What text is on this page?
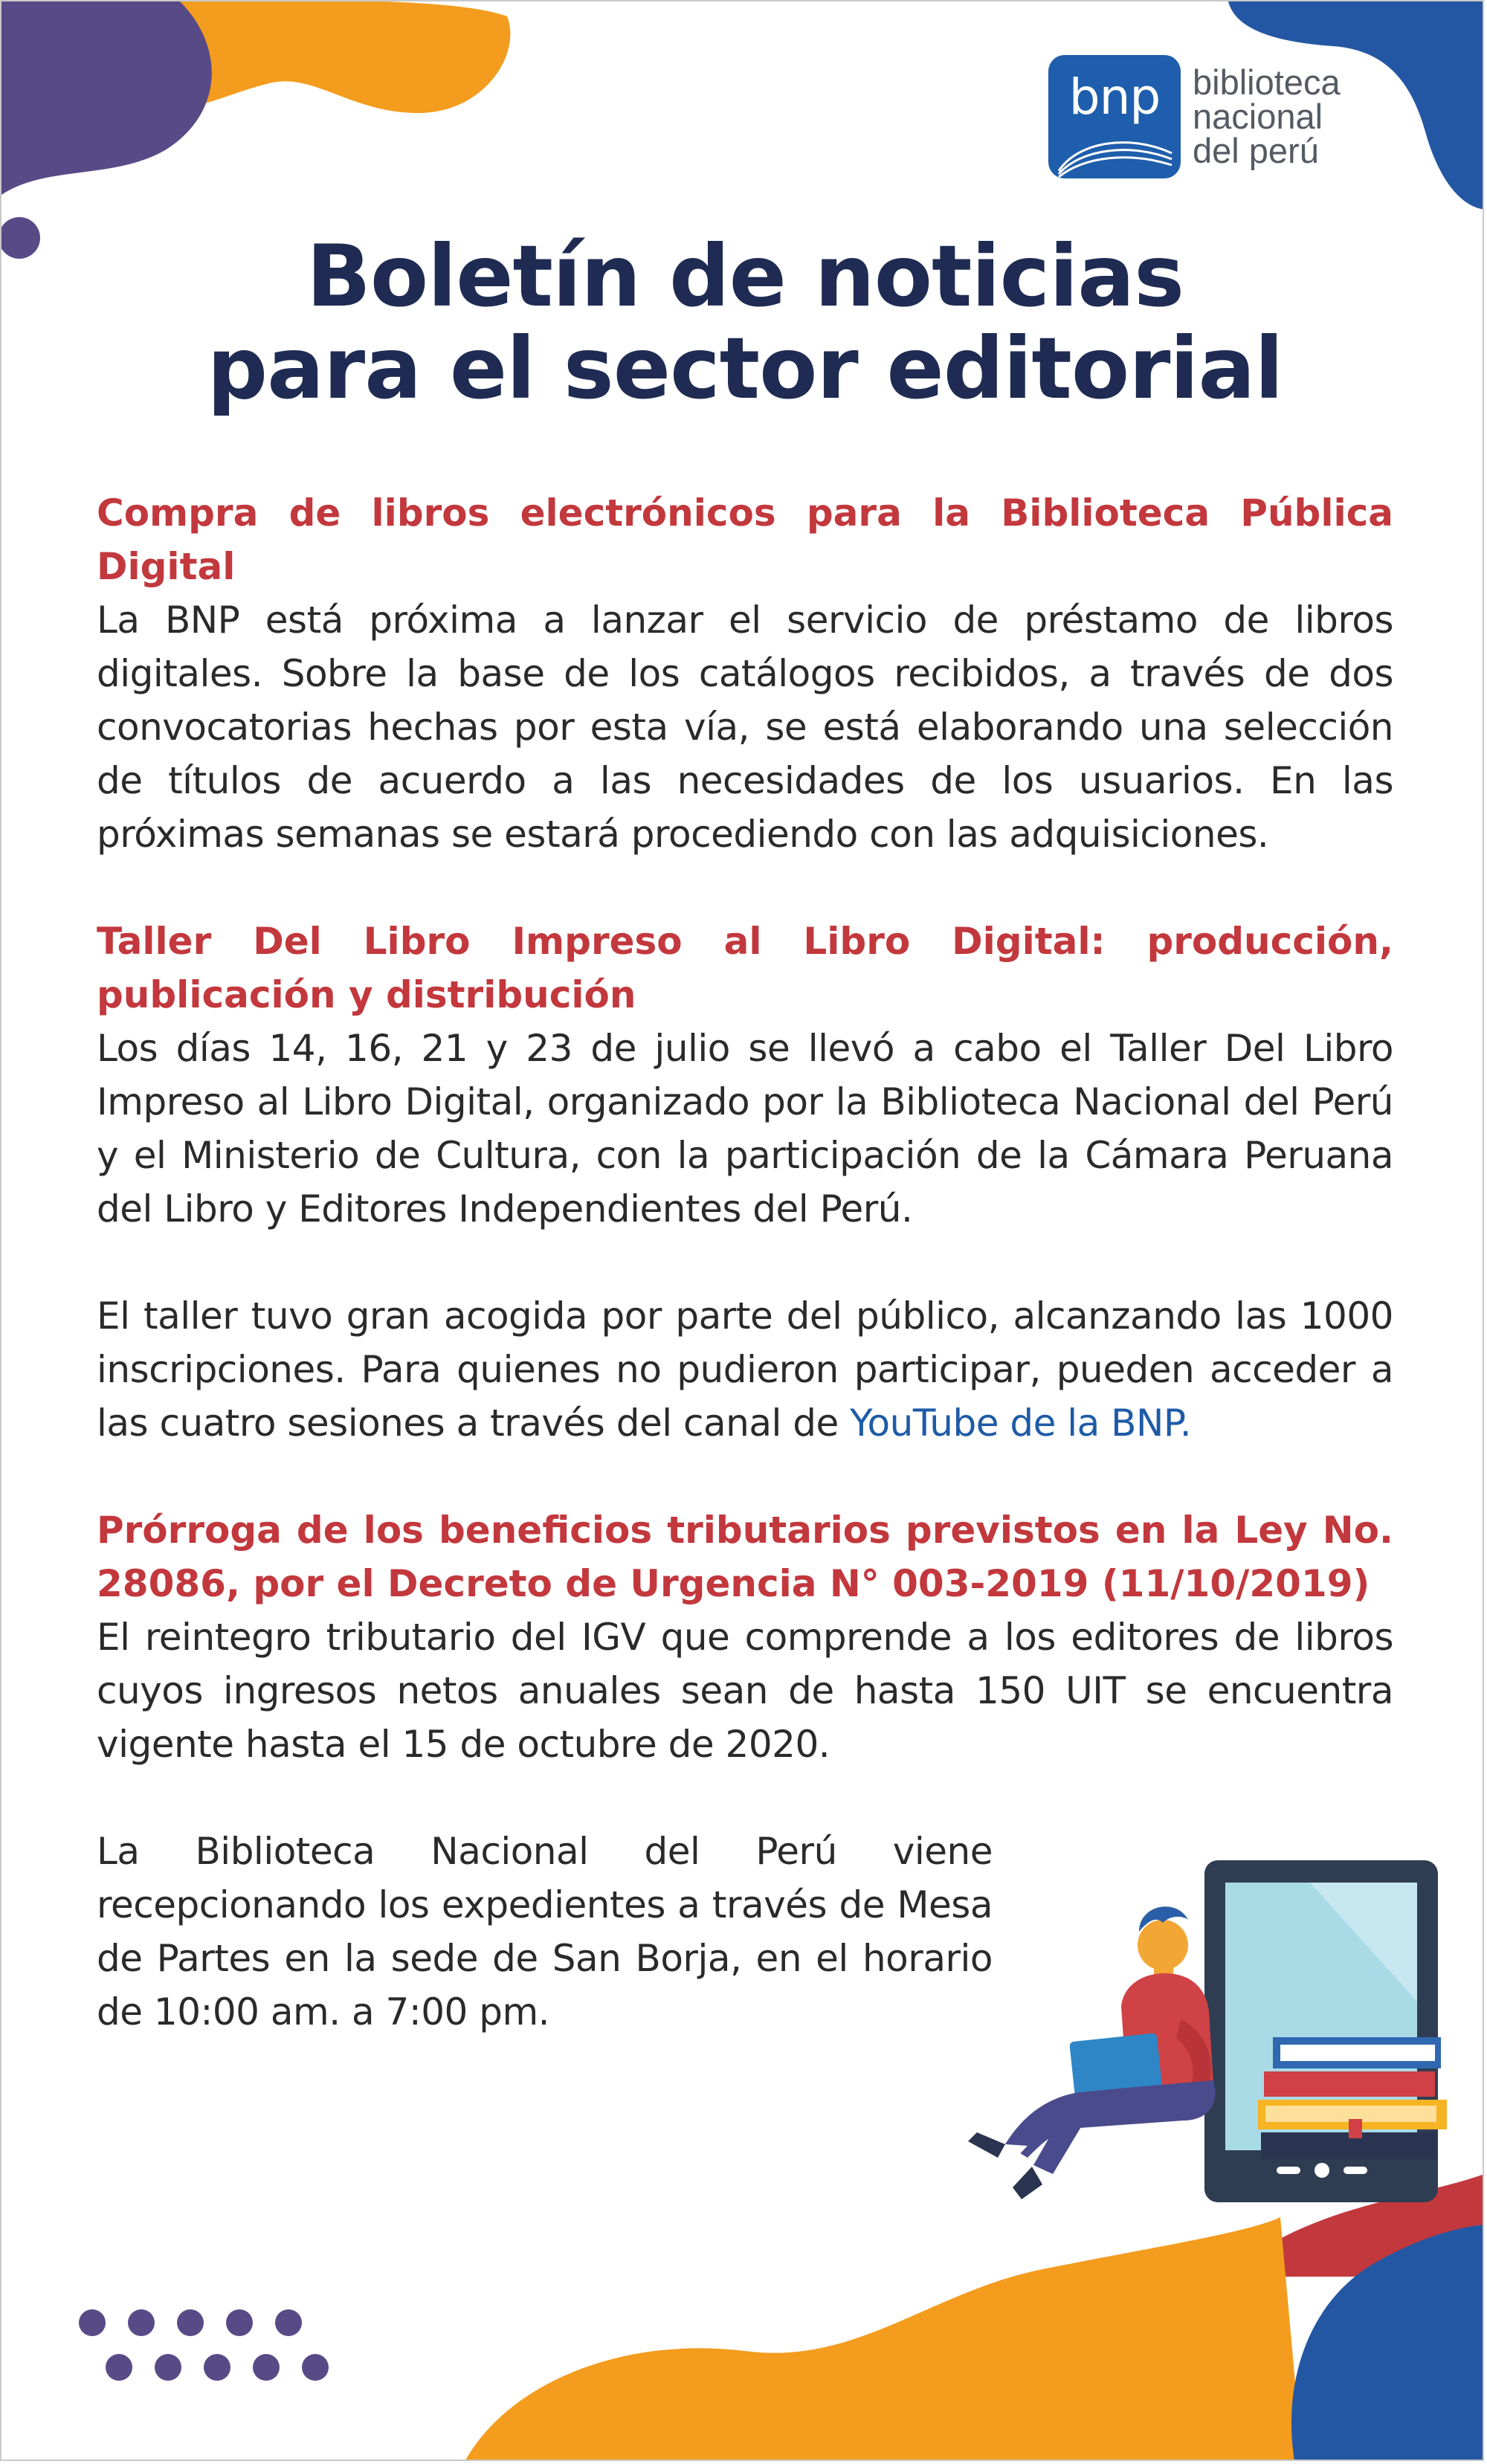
bnp biblioteca
nacional
del perú
Boletín de noticias
para el sector editorial

Compra de libros electrónicos para la Biblioteca Pública Digital

La BNP está próxima a lanzar el servicio de préstamo de libros digitales. Sobre la base de los catálogos recibidos, a través de dos convocatorias hechas por esta vía, se está elaborando una selección de títulos de acuerdo a las necesidades de los usuarios. En las próximas semanas se estará procediendo con las adquisiciones.

Taller Del Libro Impreso al Libro Digital: producción, publicación y distribución

Los días 14, 16, 21 y 23 de julio se llevó a cabo el Taller Del Libro Impreso al Libro Digital, organizado por la Biblioteca Nacional del Perú y el Ministerio de Cultura, con la participación de la Cámara Peruana del Libro y Editores Independientes del Perú.

El taller tuvo gran acogida por parte del público, alcanzando las 1000 inscripciones. Para quienes no pudieron participar, pueden acceder a las cuatro sesiones a través del canal de YouTube de la BNP.

Prórroga de los beneficios tributarios previstos en la Ley No. 28086, por el Decreto de Urgencia N° 003-2019 (11/10/2019)

El reintegro tributario del IGV que comprende a los editores de libros cuyos ingresos netos anuales sean de hasta 150 UIT se encuentra vigente hasta el 15 de octubre de 2020.

La Biblioteca Nacional del Perú viene recepcionando los expedientes a través de Mesa de Partes en la sede de San Borja, en el horario de 10:00 am. a 7:00 pm.
